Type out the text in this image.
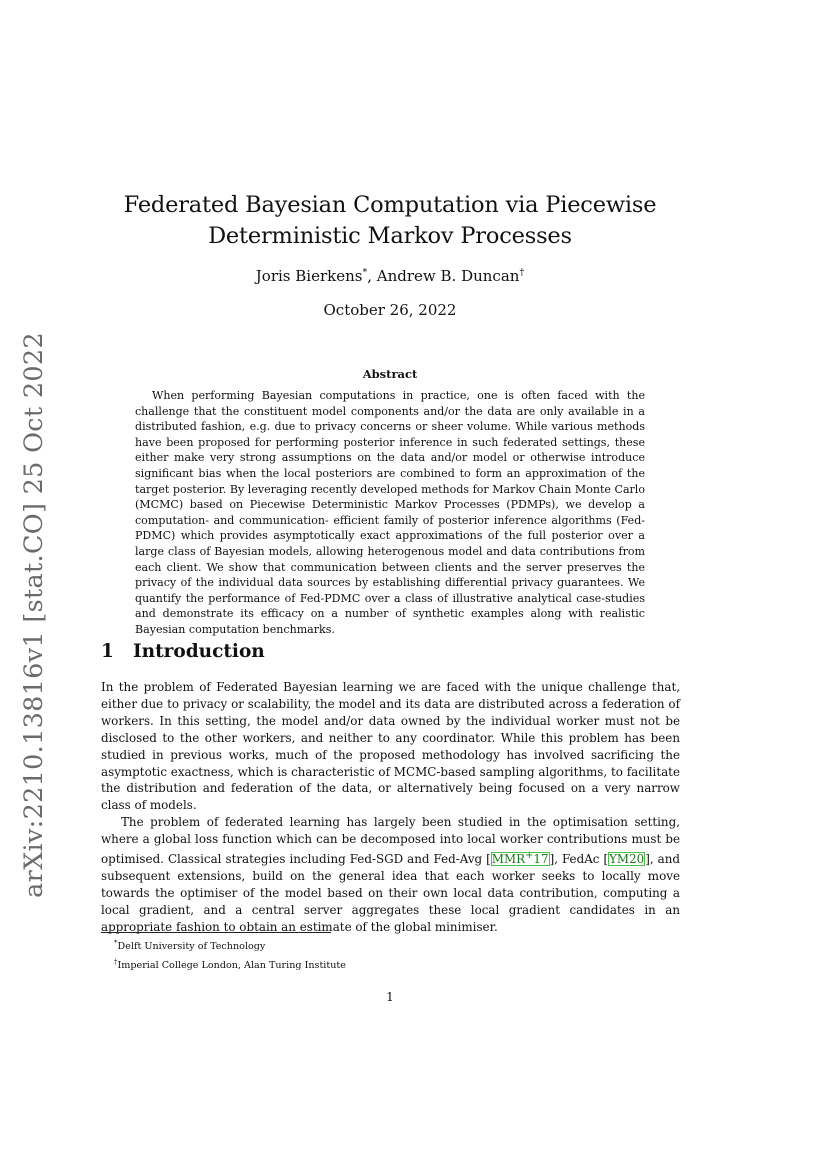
arXiv:2210.13816v1 [stat.CO] 25 Oct 2022
Federated Bayesian Computation via Piecewise
Deterministic Markov Processes
Joris Bierkens*, Andrew B. Duncan†
October 26, 2022
Abstract

When performing Bayesian computations in practice, one is often faced with the challenge that the constituent model components and/or the data are only available in a distributed fashion, e.g. due to privacy concerns or sheer volume. While various methods have been proposed for performing posterior inference in such federated settings, these either make very strong assumptions on the data and/or model or otherwise introduce significant bias when the local posteriors are combined to form an approximation of the target posterior. By leveraging recently developed methods for Markov Chain Monte Carlo (MCMC) based on Piecewise Deterministic Markov Processes (PDMPs), we develop a computation- and communication- efficient family of posterior inference algorithms (Fed-PDMC) which provides asymptotically exact approximations of the full posterior over a large class of Bayesian models, allowing heterogenous model and data contributions from each client. We show that communication between clients and the server preserves the privacy of the individual data sources by establishing differential privacy guarantees. We quantify the performance of Fed-PDMC over a class of illustrative analytical case-studies and demonstrate its efficacy on a number of synthetic examples along with realistic Bayesian computation benchmarks.

1 Introduction

In the problem of Federated Bayesian learning we are faced with the unique challenge that, either due to privacy or scalability, the model and its data are distributed across a federation of workers. In this setting, the model and/or data owned by the individual worker must not be disclosed to the other workers, and neither to any coordinator. While this problem has been studied in previous works, much of the proposed methodology has involved sacrificing the asymptotic exactness, which is characteristic of MCMC-based sampling algorithms, to facilitate the distribution and federation of the data, or alternatively being focused on a very narrow class of models.

The problem of federated learning has largely been studied in the optimisation setting, where a global loss function which can be decomposed into local worker contributions must be optimised. Classical strategies including Fed-SGD and Fed-Avg [MMR+17], FedAc [YM20], and subsequent extensions, build on the general idea that each worker seeks to locally move towards the optimiser of the model based on their own local data contribution, computing a local gradient, and a central server aggregates these local gradient candidates in an appropriate fashion to obtain an estimate of the global minimiser.

*Delft University of Technology
†Imperial College London, Alan Turing Institute
1
